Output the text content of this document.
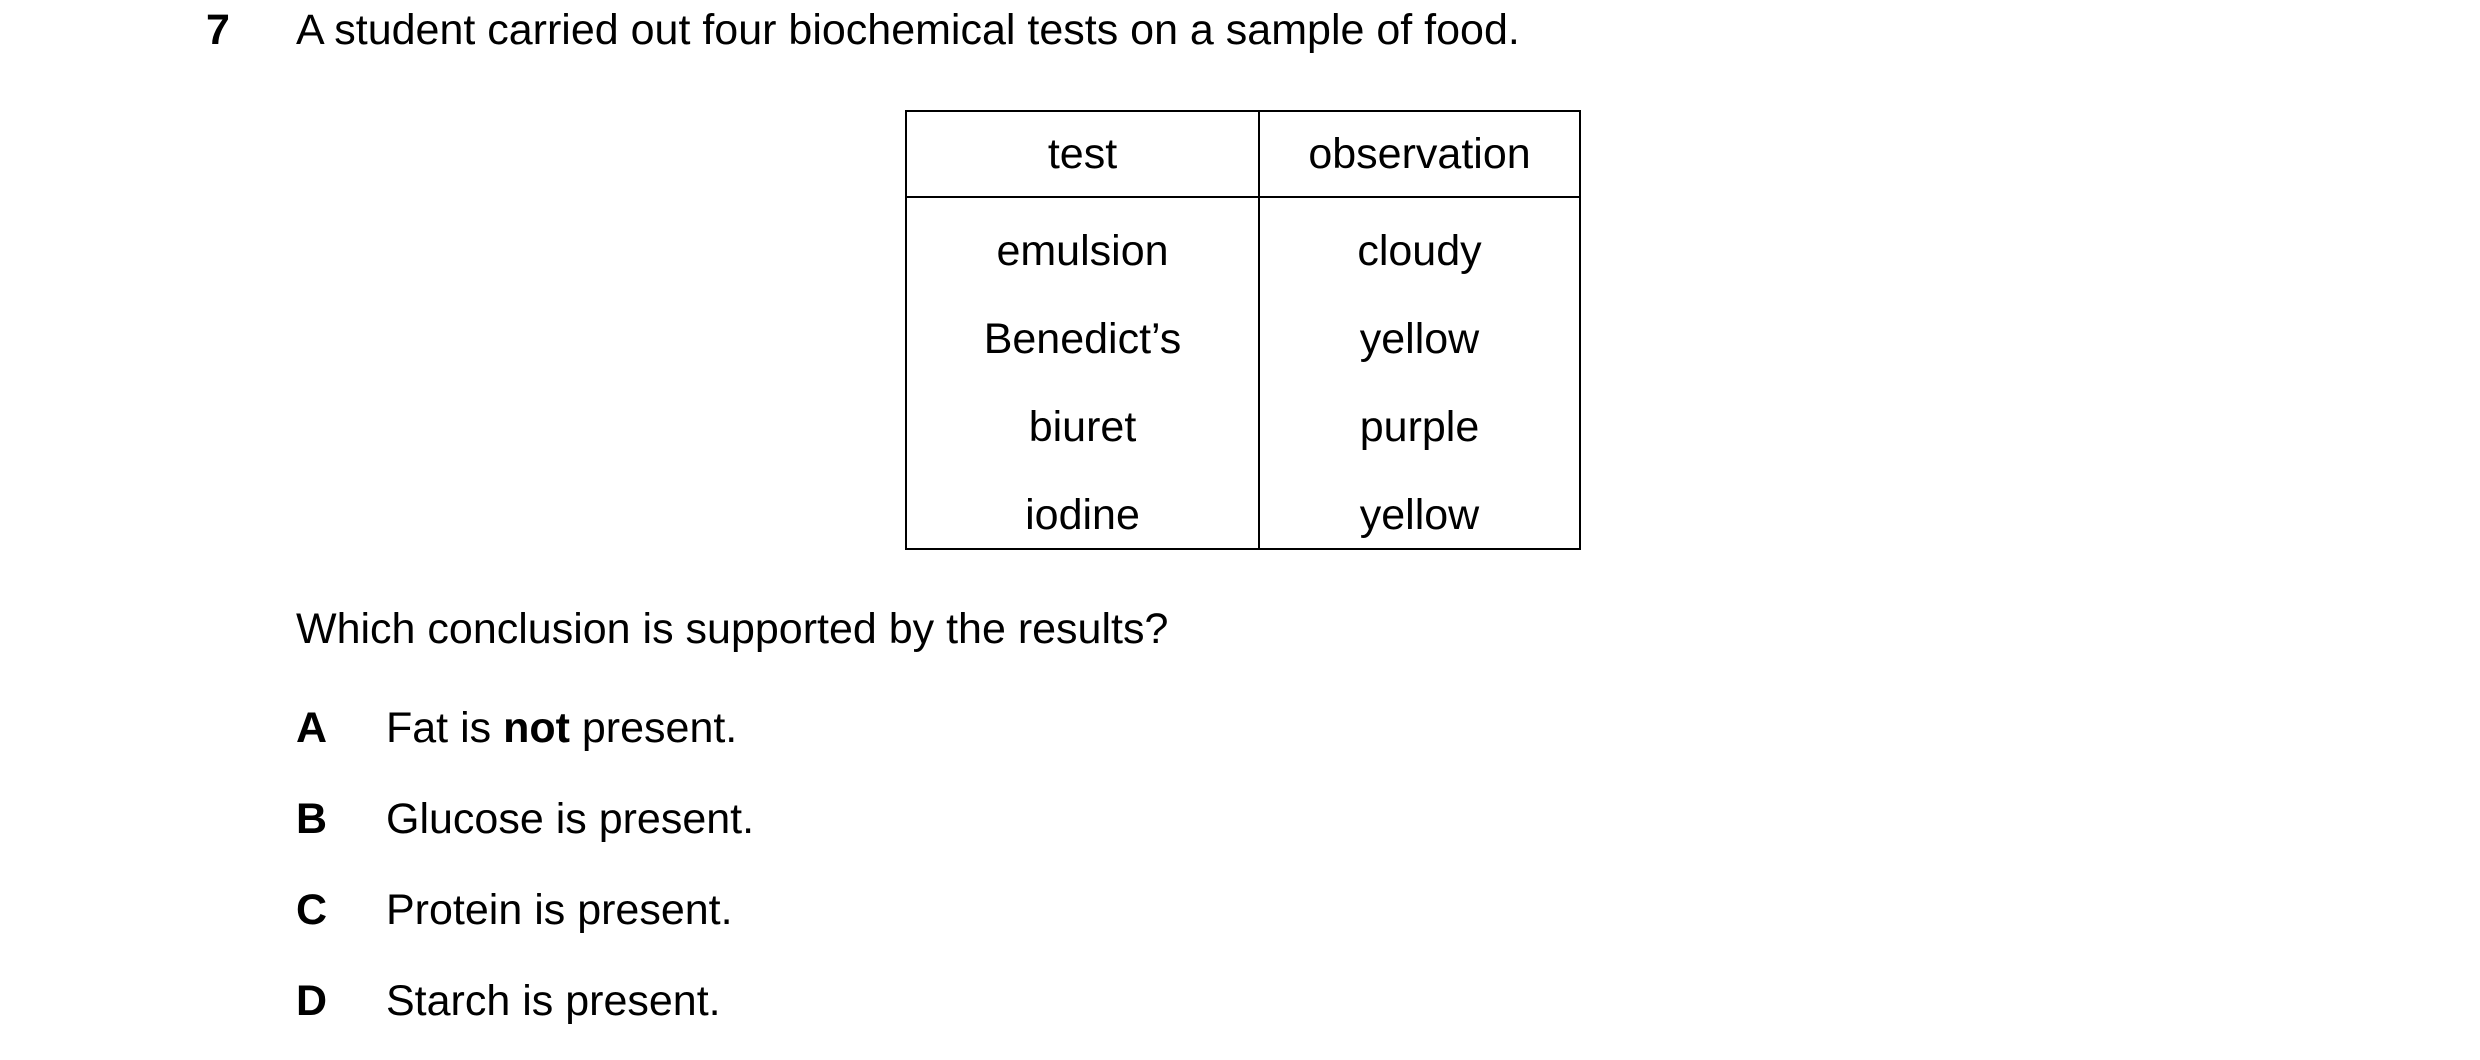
7 A student carried out four biochemical tests on a sample of food.
test	observation
emulsion	cloudy
Benedict’s	yellow
biuret	purple
iodine	yellow
Which conclusion is supported by the results?
A Fat is not present.
B Glucose is present.
C Protein is present.
D Starch is present.
